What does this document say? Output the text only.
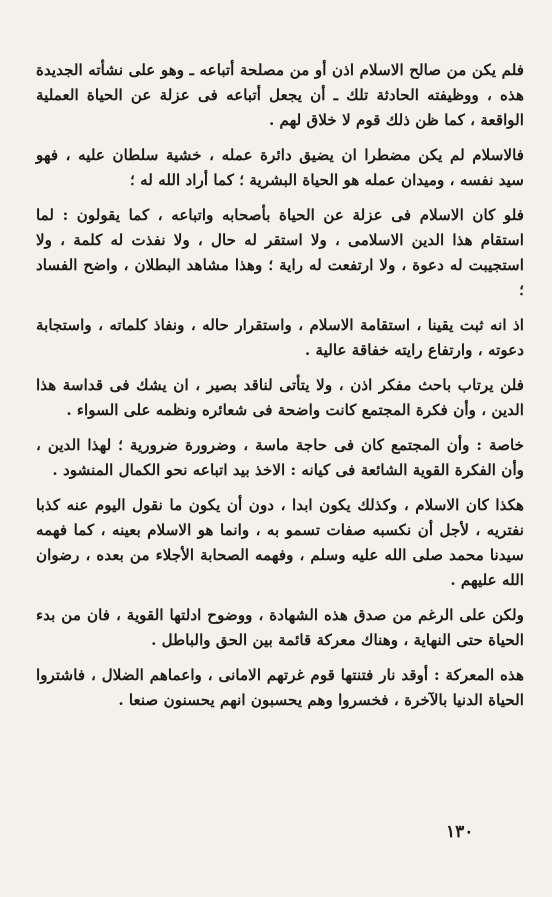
فلم يكن من صالح الاسلام اذن أو من مصلحة أتباعه ـ وهو على نشأته الجديدة هذه ، ووظيفته الحادثة تلك ـ أن يجعل أتباعه فى عزلة عن الحياة العملية الواقعة ، كما ظن ذلك قوم لا خلاق لهم .

فالاسلام لم يكن مضطرا ان يضيق دائرة عمله ، خشية سلطان عليه ، فهو سيد نفسه ، وميدان عمله هو الحياة البشرية ؛ كما أراد الله له ؛

فلو كان الاسلام فى عزلة عن الحياة بأصحابه واتباعه ، كما يقولون : لما استقام هذا الدين الاسلامى ، ولا استقر له حال ، ولا نفذت له كلمة ، ولا استجيبت له دعوة ، ولا ارتفعت له راية ؛ وهذا مشاهد البطلان ، واضح الفساد ؛

اذ انه ثبت يقينا ، استقامة الاسلام ، واستقرار حاله ، ونفاذ كلماته ، واستجابة دعوته ، وارتفاع رايته خفاقة عالية .

فلن يرتاب باحث مفكر اذن ، ولا يتأتى لناقد بصير ، ان يشك فى قداسة هذا الدين ، وأن فكرة المجتمع كانت واضحة فى شعائره ونظمه على السواء .

خاصة : وأن المجتمع كان فى حاجة ماسة ، وضرورة ضرورية ؛ لهذا الدين ، وأن الفكرة القوية الشائعة فى كيانه : الاخذ بيد اتباعه نحو الكمال المنشود .

هكذا كان الاسلام ، وكذلك يكون ابدا ، دون أن يكون ما نقول اليوم عنه كذبا نفتريه ، لأجل أن نكسبه صفات تسمو به ، وانما هو الاسلام بعينه ، كما فهمه سيدنا محمد صلى الله عليه وسلم ، وفهمه الصحابة الأجلاء من بعده ، رضوان الله عليهم .

ولكن على الرغم من صدق هذه الشهادة ، ووضوح ادلتها القوية ، فان من بدء الحياة حتى النهاية ، وهناك معركة قائمة بين الحق والباطل .

هذه المعركة : أوقد نار فتنتها قوم غرتهم الامانى ، واعماهم الضلال ، فاشتروا الحياة الدنيا بالآخرة ، فخسروا وهم يحسبون انهم يحسنون صنعا .

١٣٠
